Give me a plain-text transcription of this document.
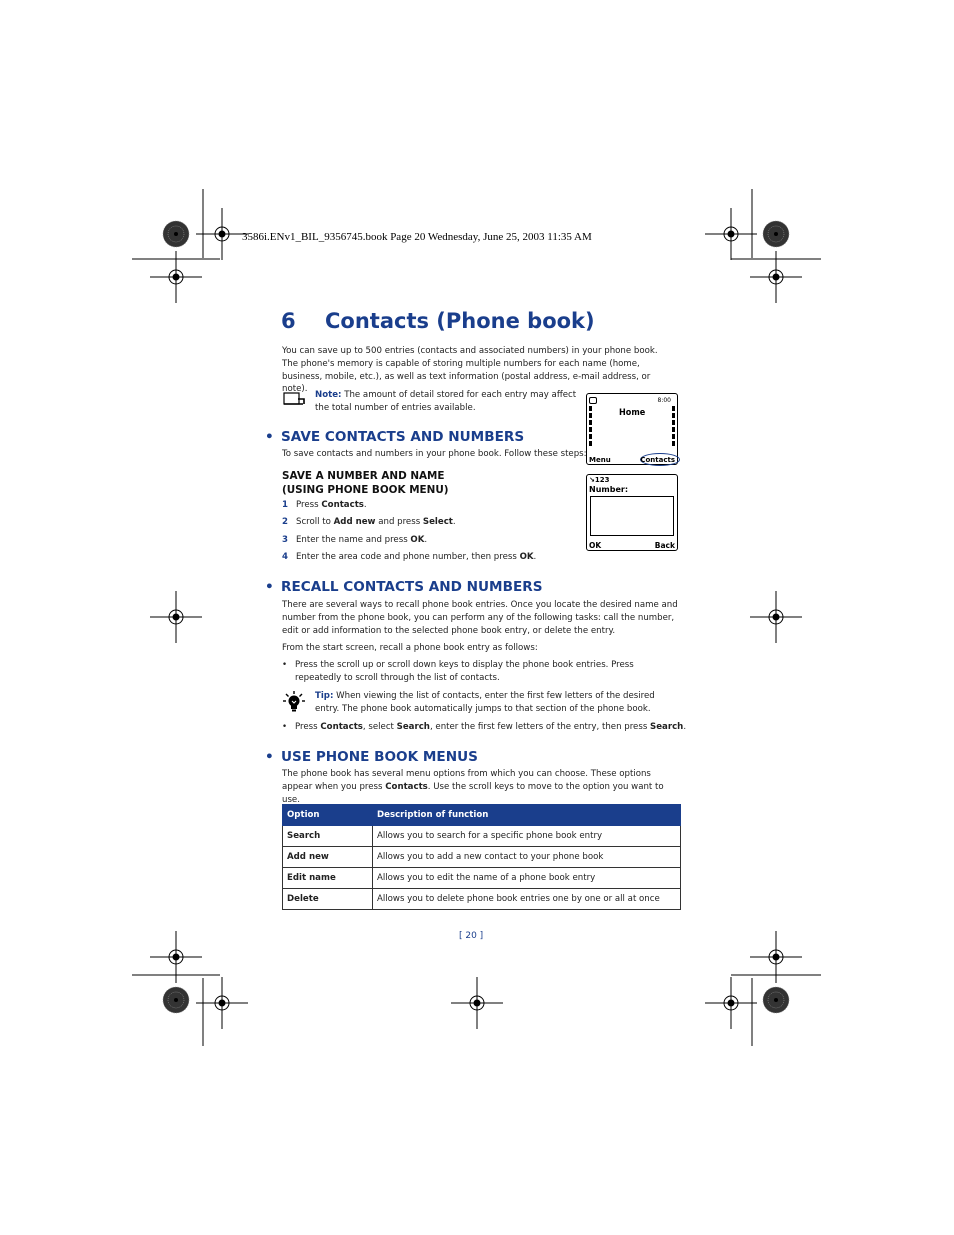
3586i.ENv1_BIL_9356745.book Page 20 Wednesday, June 25, 2003 11:35 AM
6 Contacts (Phone book)

You can save up to 500 entries (contacts and associated numbers) in your phone book. The phone's memory is capable of storing multiple numbers for each name (home, business, mobile, etc.), as well as text information (postal address, e-mail address, or note).

Note: The amount of detail stored for each entry may affect the total number of entries available.

8:00
Home
Menu	Contacts
↘123
Number:
OK	Back
• SAVE CONTACTS AND NUMBERS

To save contacts and numbers in your phone book. Follow these steps:

SAVE A NUMBER AND NAME
(USING PHONE BOOK MENU)
1 Press Contacts.
2 Scroll to Add new and press Select.
3 Enter the name and press OK.
4 Enter the area code and phone number, then press OK.
• RECALL CONTACTS AND NUMBERS

There are several ways to recall phone book entries. Once you locate the desired name and number from the phone book, you can perform any of the following tasks: call the number, edit or add information to the selected phone book entry, or delete the entry.

From the start screen, recall a phone book entry as follows:

• Press the scroll up or scroll down keys to display the phone book entries. Press repeatedly to scroll through the list of contacts.

Tip: When viewing the list of contacts, enter the first few letters of the desired entry. The phone book automatically jumps to that section of the phone book.

• Press Contacts, select Search, enter the first few letters of the entry, then press Search.
• USE PHONE BOOK MENUS

The phone book has several menu options from which you can choose. These options appear when you press Contacts. Use the scroll keys to move to the option you want to use.

Option	Description of function
Search	Allows you to search for a specific phone book entry
Add new	Allows you to add a new contact to your phone book
Edit name	Allows you to edit the name of a phone book entry
Delete	Allows you to delete phone book entries one by one or all at once
[ 20 ]
